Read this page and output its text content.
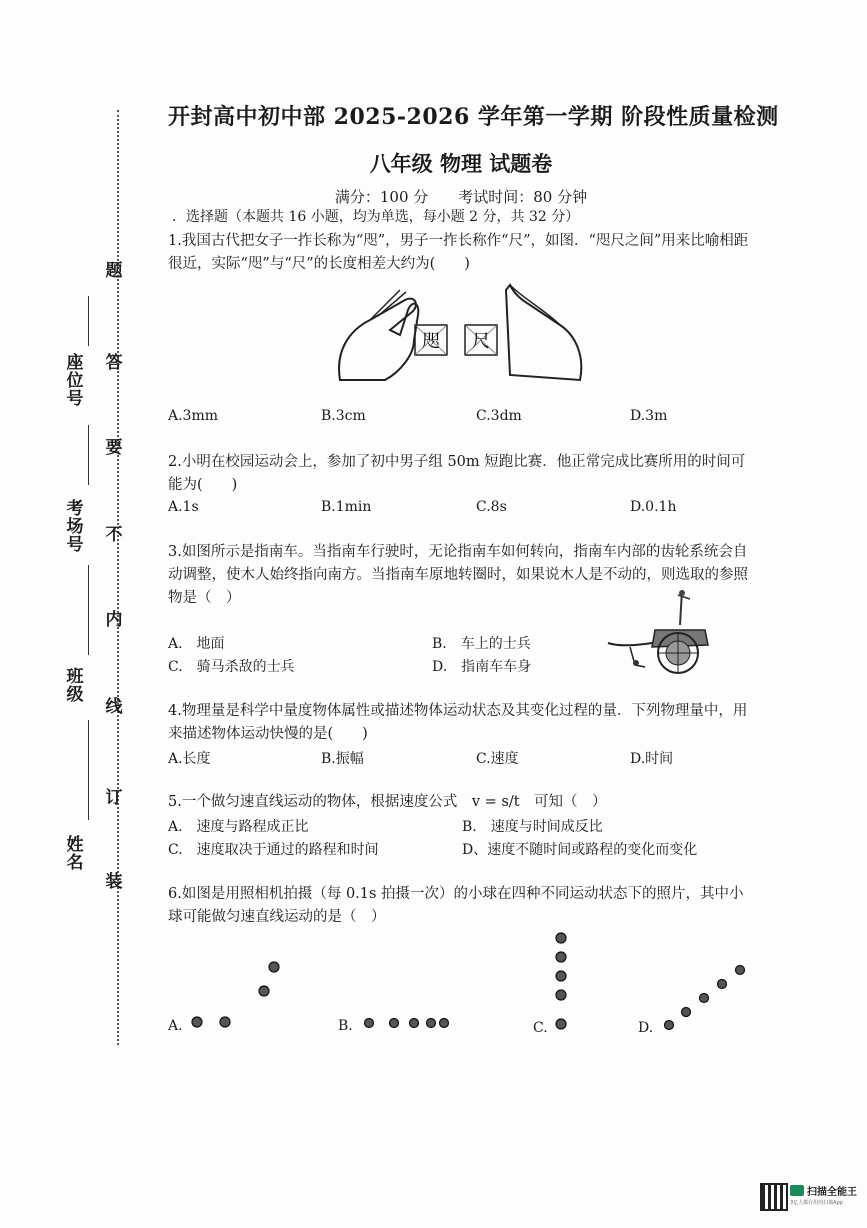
题
座位号
答
要
考场号 不
内
班级
线
订
姓名
装
开封高中初中部 2025-2026 学年第一学期 阶段性质量检测
八年级 物理 试题卷
满分：100 分　　考试时间：80 分钟
．选择题（本题共 16 小题，均为单选，每小题 2 分，共 32 分）
1.我国古代把女子一拃长称为“咫”，男子一拃长称作“尺”，如图．“咫尺之间”用来比喻相距很近，实际“咫”与“尺”的长度相差大约为(　　)
咫 尺
A.3mm	B.3cm	C.3dm	D.3m
2.小明在校园运动会上，参加了初中男子组 50m 短跑比赛．他正常完成比赛所用的时间可能为(　　)
A.1s	B.1min	C.8s	D.0.1h
3.如图所示是指南车。当指南车行驶时，无论指南车如何转向，指南车内部的齿轮系统会自动调整，使木人始终指向南方。当指南车原地转圈时，如果说木人是不动的，则选取的参照物是（　）
A.　地面	B.　车上的士兵
C.　骑马杀敌的士兵	D.　指南车车身
4.物理量是科学中量度物体属性或描述物体运动状态及其变化过程的量．下列物理量中，用来描述物体运动快慢的是(　　)
A.长度	B.振幅	C.速度	D.时间
5.一个做匀速直线运动的物体，根据速度公式　v = s/t　可知（　）
A.　速度与路程成正比	B.　速度与时间成反比
C.　速度取决于通过的路程和时间	D、速度不随时间或路程的变化而变化
6.如图是用照相机拍摄（每 0.1s 拍摄一次）的小球在四种不同运动状态下的照片，其中小球可能做匀速直线运动的是（　）
A.	B.	C.	D.
扫描全能王
3亿人都在用的扫描App
